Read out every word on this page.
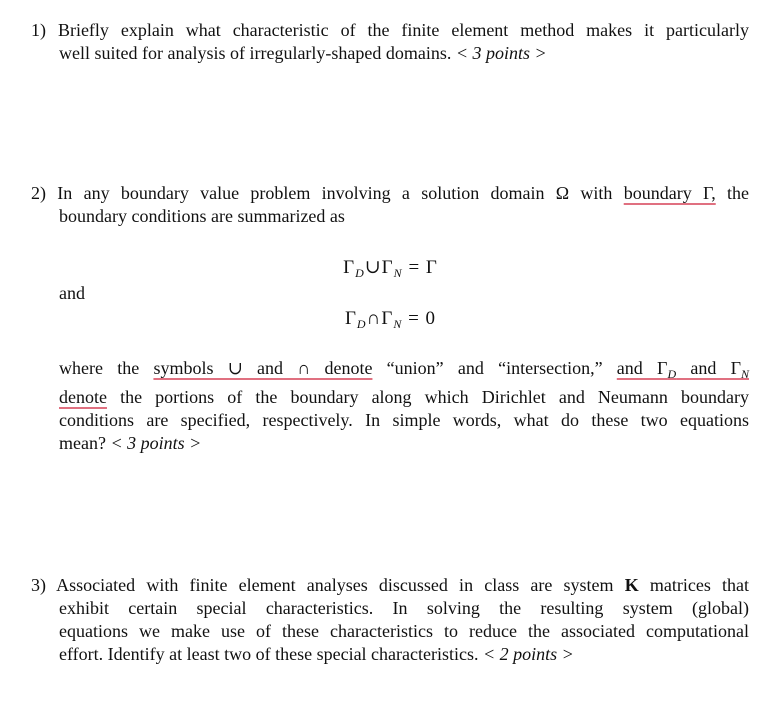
1) Briefly explain what characteristic of the finite element method makes it particularly
well suited for analysis of irregularly-shaped domains. < 3 points >
2) In any boundary value problem involving a solution domain Ω with boundary Γ, the
boundary conditions are summarized as
$\Gamma_D\cup\Gamma_N = \Gamma$
and
$\Gamma_D\cap\Gamma_N = 0$
where the symbols ∪ and ∩ denote “union” and “intersection,” and $\Gamma_D$ and $\Gamma_N$
denote the portions of the boundary along which Dirichlet and Neumann boundary
conditions are specified, respectively. In simple words, what do these two equations
mean? < 3 points >
3) Associated with finite element analyses discussed in class are system K matrices that
exhibit certain special characteristics. In solving the resulting system (global)
equations we make use of these characteristics to reduce the associated computational
effort. Identify at least two of these special characteristics. < 2 points >
